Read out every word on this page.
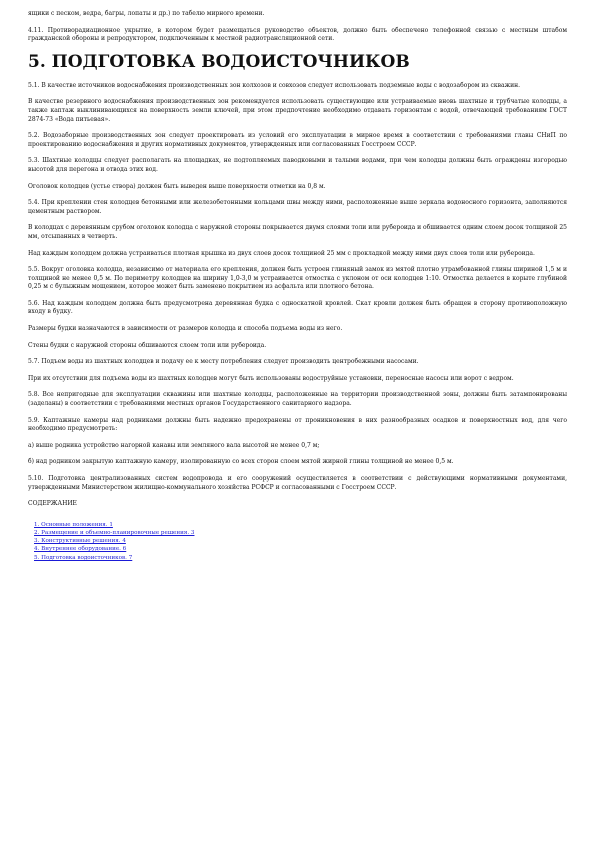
ящики с песком, ведра, багры, лопаты и др.) по табелю мирного времени.

4.11. Противорадиационное укрытие, в котором будет размещаться руководство объектов, должно быть обеспечено телефонной связью с местным штабом гражданской обороны и репродуктором, подключенным к местной радиотрансляционной сети.

5. ПОДГОТОВКА ВОДОИСТОЧНИКОВ

5.1. В качестве источников водоснабжения производственных зон колхозов и совхозов следует использовать подземные воды с водозабором из скважин.

В качестве резервного водоснабжения производственных зон рекомендуется использовать существующие или устраиваемые вновь шахтные и трубчатые колодцы, а также каптаж выклинивающихся на поверхность земли ключей, при этом предпочтение необходимо отдавать горизонтам с водой, отвечающей требованиям ГОСТ 2874-73 «Вода питьевая».

5.2. Водозаборные производственных зон следует проектировать из условий его эксплуатации в мирное время в соответствии с требованиями главы СНиП по проектированию водоснабжения и других нормативных документов, утвержденных или согласованных Госстроем СССР.

5.3. Шахтные колодцы следует располагать на площадках, не подтопляемых паводковыми и талыми водами, при чем колодцы должны быть ограждены изгородью высотой для перегона и отвода этих вод.

Оголовок колодцев (устье створа) должен быть выведен выше поверхности отметки на 0,8 м.

5.4. При креплении стен колодцев бетонными или железобетонными кольцами швы между ними, расположенные выше зеркала водоносного горизонта, заполняются цементным раствором.

В колодцах с деревянным срубом оголовок колодца с наружной стороны покрывается двумя слоями толи или рубероида и обшивается одним слоем досок толщиной 25 мм, отсыпанных в четверть.

Над каждым колодцем должна устраиваться плотная крышка из двух слоев досок толщиной 25 мм с прокладкой между ними двух слоев толи или рубероида.

5.5. Вокруг оголовка колодца, независимо от материала его крепления, должен быть устроен глиняный замок из мятой плотно утрамбованной глины шириной 1,5 м и толщиной не менее 0,5 м. По периметру колодцев на ширину 1,0-3,0 м устраивается отмостка с уклоном от оси колодцев 1:10. Отмостка делается в корыте глубиной 0,25 м с булыжным мощением, которое может быть заменено покрытием из асфальта или плотного бетона.

5.6. Над каждым колодцем должна быть предусмотрена деревянная будка с односкатной кровлей. Скат кровли должен быть обращен в сторону противоположную входу в будку.

Размеры будки назначаются в зависимости от размеров колодца и способа подъема воды из него.

Стены будки с наружной стороны обшиваются слоем толи или рубероида.

5.7. Подъем воды из шахтных колодцев и подачу ее к месту потребления следует производить центробежными насосами.

При их отсутствии для подъема воды из шахтных колодцев могут быть использованы водоструйные установки, переносные насосы или ворот с ведром.

5.8. Все непригодные для эксплуатации скважины или шахтные колодцы, расположенные на территории производственной зоны, должны быть затампонированы (заделаны) в соответствии с требованиями местных органов Государственного санитарного надзора.

5.9. Каптажные камеры над родниками должны быть надежно предохранены от проникновения в них разнообразных осадков и поверхностных вод, для чего необходимо предусмотреть:

а) выше родника устройство нагорной канавы или земляного вала высотой не менее 0,7 м;

б) над родником закрытую каптажную камеру, изолированную со всех сторон слоем мятой жирной глины толщиной не менее 0,5 м.

5.10. Подготовка централизованных систем водопровода и его сооружений осуществляется в соответствии с действующими нормативными документами, утвержденными Министерством жилищно-коммунального хозяйства РСФСР и согласованными с Госстроем СССР.

СОДЕРЖАНИЕ

1. Основные положения. 1
2. Размещение и объемно-планировочные решения. 3
3. Конструктивные решения. 4
4. Внутреннее оборудование. 6
5. Подготовка водоисточников. 7
